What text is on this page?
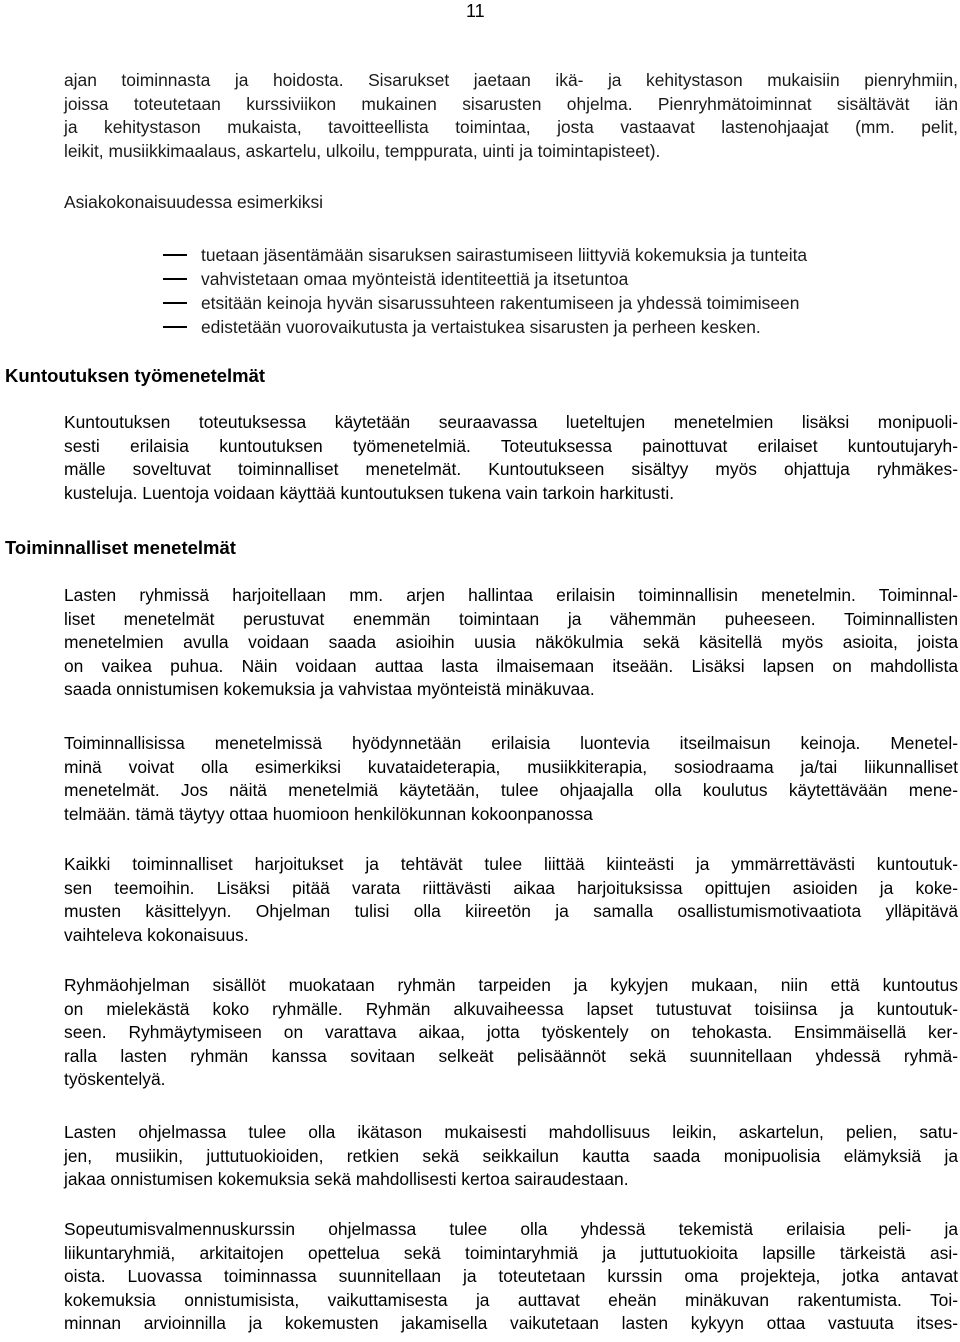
11
ajan toiminnasta ja hoidosta. Sisarukset jaetaan ikä- ja kehitystason mukaisiin pienryhmiin,
joissa toteutetaan kurssiviikon mukainen sisarusten ohjelma. Pienryhmätoiminnat sisältävät iän
ja kehitystason mukaista, tavoitteellista toimintaa, josta vastaavat lastenohjaajat (mm. pelit,
leikit, musiikkimaalaus, askartelu, ulkoilu, temppurata, uinti ja toimintapisteet).
Asiakokonaisuudessa esimerkiksi
tuetaan jäsentämään sisaruksen sairastumiseen liittyviä kokemuksia ja tunteita
vahvistetaan omaa myönteistä identiteettiä ja itsetuntoa
etsitään keinoja hyvän sisarussuhteen rakentumiseen ja yhdessä toimimiseen
edistetään vuorovaikutusta ja vertaistukea sisarusten ja perheen kesken.
Kuntoutuksen työmenetelmät
Kuntoutuksen toteutuksessa käytetään seuraavassa lueteltujen menetelmien lisäksi monipuoli-
sesti erilaisia kuntoutuksen työmenetelmiä. Toteutuksessa painottuvat erilaiset kuntoutujaryh-
mälle soveltuvat toiminnalliset menetelmät. Kuntoutukseen sisältyy myös ohjattuja ryhmäkes-
kusteluja. Luentoja voidaan käyttää kuntoutuksen tukena vain tarkoin harkitusti.
Toiminnalliset menetelmät
Lasten ryhmissä harjoitellaan mm. arjen hallintaa erilaisin toiminnallisin menetelmin. Toiminnal-
liset menetelmät perustuvat enemmän toimintaan ja vähemmän puheeseen. Toiminnallisten
menetelmien avulla voidaan saada asioihin uusia näkökulmia sekä käsitellä myös asioita, joista
on vaikea puhua. Näin voidaan auttaa lasta ilmaisemaan itseään. Lisäksi lapsen on mahdollista
saada onnistumisen kokemuksia ja vahvistaa myönteistä minäkuvaa.
Toiminnallisissa menetelmissä hyödynnetään erilaisia luontevia itseilmaisun keinoja. Menetel-
minä voivat olla esimerkiksi kuvataideterapia, musiikkiterapia, sosiodraama ja/tai liikunnalliset
menetelmät. Jos näitä menetelmiä käytetään, tulee ohjaajalla olla koulutus käytettävään mene-
telmään. tämä täytyy ottaa huomioon henkilökunnan kokoonpanossa
Kaikki toiminnalliset harjoitukset ja tehtävät tulee liittää kiinteästi ja ymmärrettävästi kuntoutuk-
sen teemoihin. Lisäksi pitää varata riittävästi aikaa harjoituksissa opittujen asioiden ja koke-
musten käsittelyyn. Ohjelman tulisi olla kiireetön ja samalla osallistumismotivaatiota ylläpitävä
vaihteleva kokonaisuus.
Ryhmäohjelman sisällöt muokataan ryhmän tarpeiden ja kykyjen mukaan, niin että kuntoutus
on mielekästä koko ryhmälle. Ryhmän alkuvaiheessa lapset tutustuvat toisiinsa ja kuntoutuk-
seen. Ryhmäytymiseen on varattava aikaa, jotta työskentely on tehokasta. Ensimmäisellä ker-
ralla lasten ryhmän kanssa sovitaan selkeät pelisäännöt sekä suunnitellaan yhdessä ryhmä-
työskentelyä.
Lasten ohjelmassa tulee olla ikätason mukaisesti mahdollisuus leikin, askartelun, pelien, satu-
jen, musiikin, juttutuokioiden, retkien sekä seikkailun kautta saada monipuolisia elämyksiä ja
jakaa onnistumisen kokemuksia sekä mahdollisesti kertoa sairaudestaan.
Sopeutumisvalmennuskurssin ohjelmassa tulee olla yhdessä tekemistä erilaisia peli- ja
liikuntaryhmiä, arkitaitojen opettelua sekä toimintaryhmiä ja juttutuokioita lapsille tärkeistä asi-
oista. Luovassa toiminnassa suunnitellaan ja toteutetaan kurssin oma projekteja, jotka antavat
kokemuksia onnistumisista, vaikuttamisesta ja auttavat eheän minäkuvan rakentumista. Toi-
minnan arvioinnilla ja kokemusten jakamisella vaikutetaan lasten kykyyn ottaa vastuuta itses-
